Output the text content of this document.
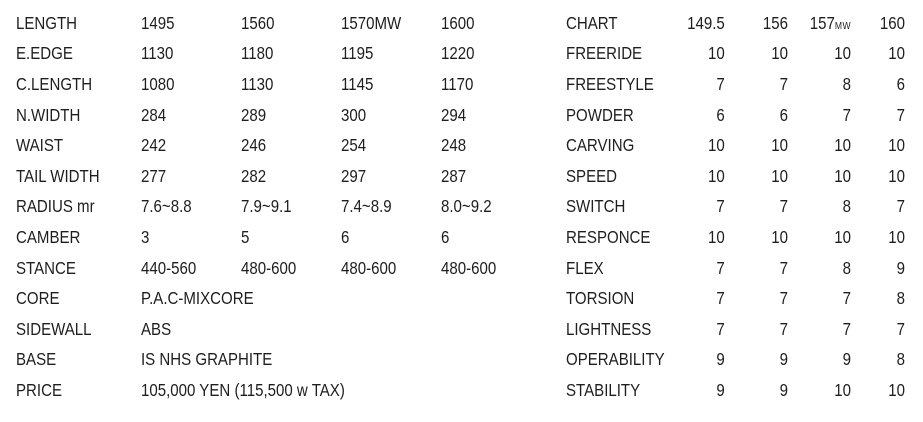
LENGTH	1495	1560	1570MW	1600
E.EDGE	1130	1180	1195	1220
C.LENGTH	1080	1130	1145	1170
N.WIDTH	284	289	300	294
WAIST	242	246	254	248
TAIL WIDTH	277	282	297	287
RADIUS mr	7.6~8.8	7.9~9.1	7.4~8.9	8.0~9.2
CAMBER	3	5	6	6
STANCE	440-560	480-600	480-600	480-600
CORE	P.A.C-MIXCORE			
SIDEWALL	ABS			
BASE	IS NHS GRAPHITE			
PRICE	105,000 YEN (115,500 w TAX)			
CHART	149.5	156	157MW	160
FREERIDE	10	10	10	10
FREESTYLE	7	7	8	6
POWDER	6	6	7	7
CARVING	10	10	10	10
SPEED	10	10	10	10
SWITCH	7	7	8	7
RESPONCE	10	10	10	10
FLEX	7	7	8	9
TORSION	7	7	7	8
LIGHTNESS	7	7	7	7
OPERABILITY	9	9	9	8
STABILITY	9	9	10	10
